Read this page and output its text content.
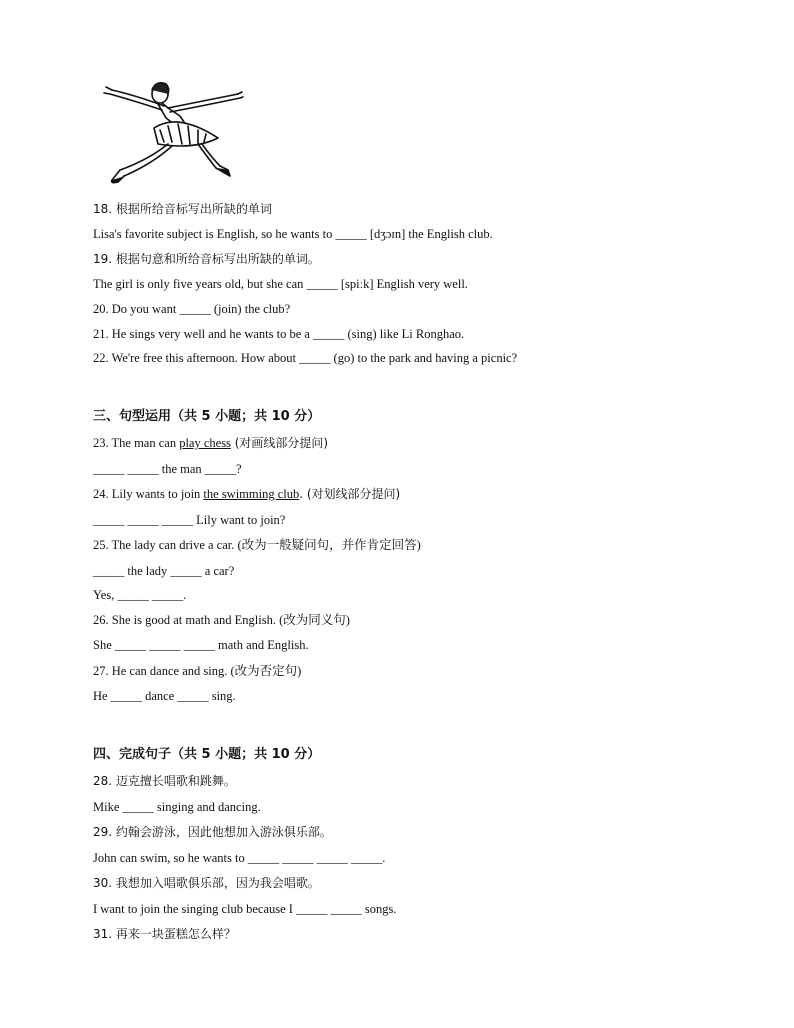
18. 根据所给音标写出所缺的单词
Lisa's favorite subject is English, so he wants to _____ [dʒɔɪn] the English club.
19. 根据句意和所给音标写出所缺的单词。
The girl is only five years old, but she can _____ [spiːk] English very well.
20. Do you want _____ (join) the club?
21. He sings very well and he wants to be a _____ (sing) like Li Ronghao.
22. We're free this afternoon. How about _____ (go) to the park and having a picnic?
三、句型运用（共 5 小题；共 10 分）
23. The man can play chess (对画线部分提问)
_____ _____ the man _____?
24. Lily wants to join the swimming club. (对划线部分提问)
_____ _____ _____ Lily want to join?
25. The lady can drive a car. (改为一般疑问句，并作肯定回答)
_____ the lady _____ a car?
Yes, _____ _____.
26. She is good at math and English. (改为同义句)
She _____ _____ _____ math and English.
27. He can dance and sing. (改为否定句)
He _____ dance _____ sing.
四、完成句子（共 5 小题；共 10 分）
28. 迈克擅长唱歌和跳舞。
Mike _____ singing and dancing.
29. 约翰会游泳，因此他想加入游泳俱乐部。
John can swim, so he wants to _____ _____ _____ _____.
30. 我想加入唱歌俱乐部，因为我会唱歌。
I want to join the singing club because I _____ _____ songs.
31. 再来一块蛋糕怎么样？
